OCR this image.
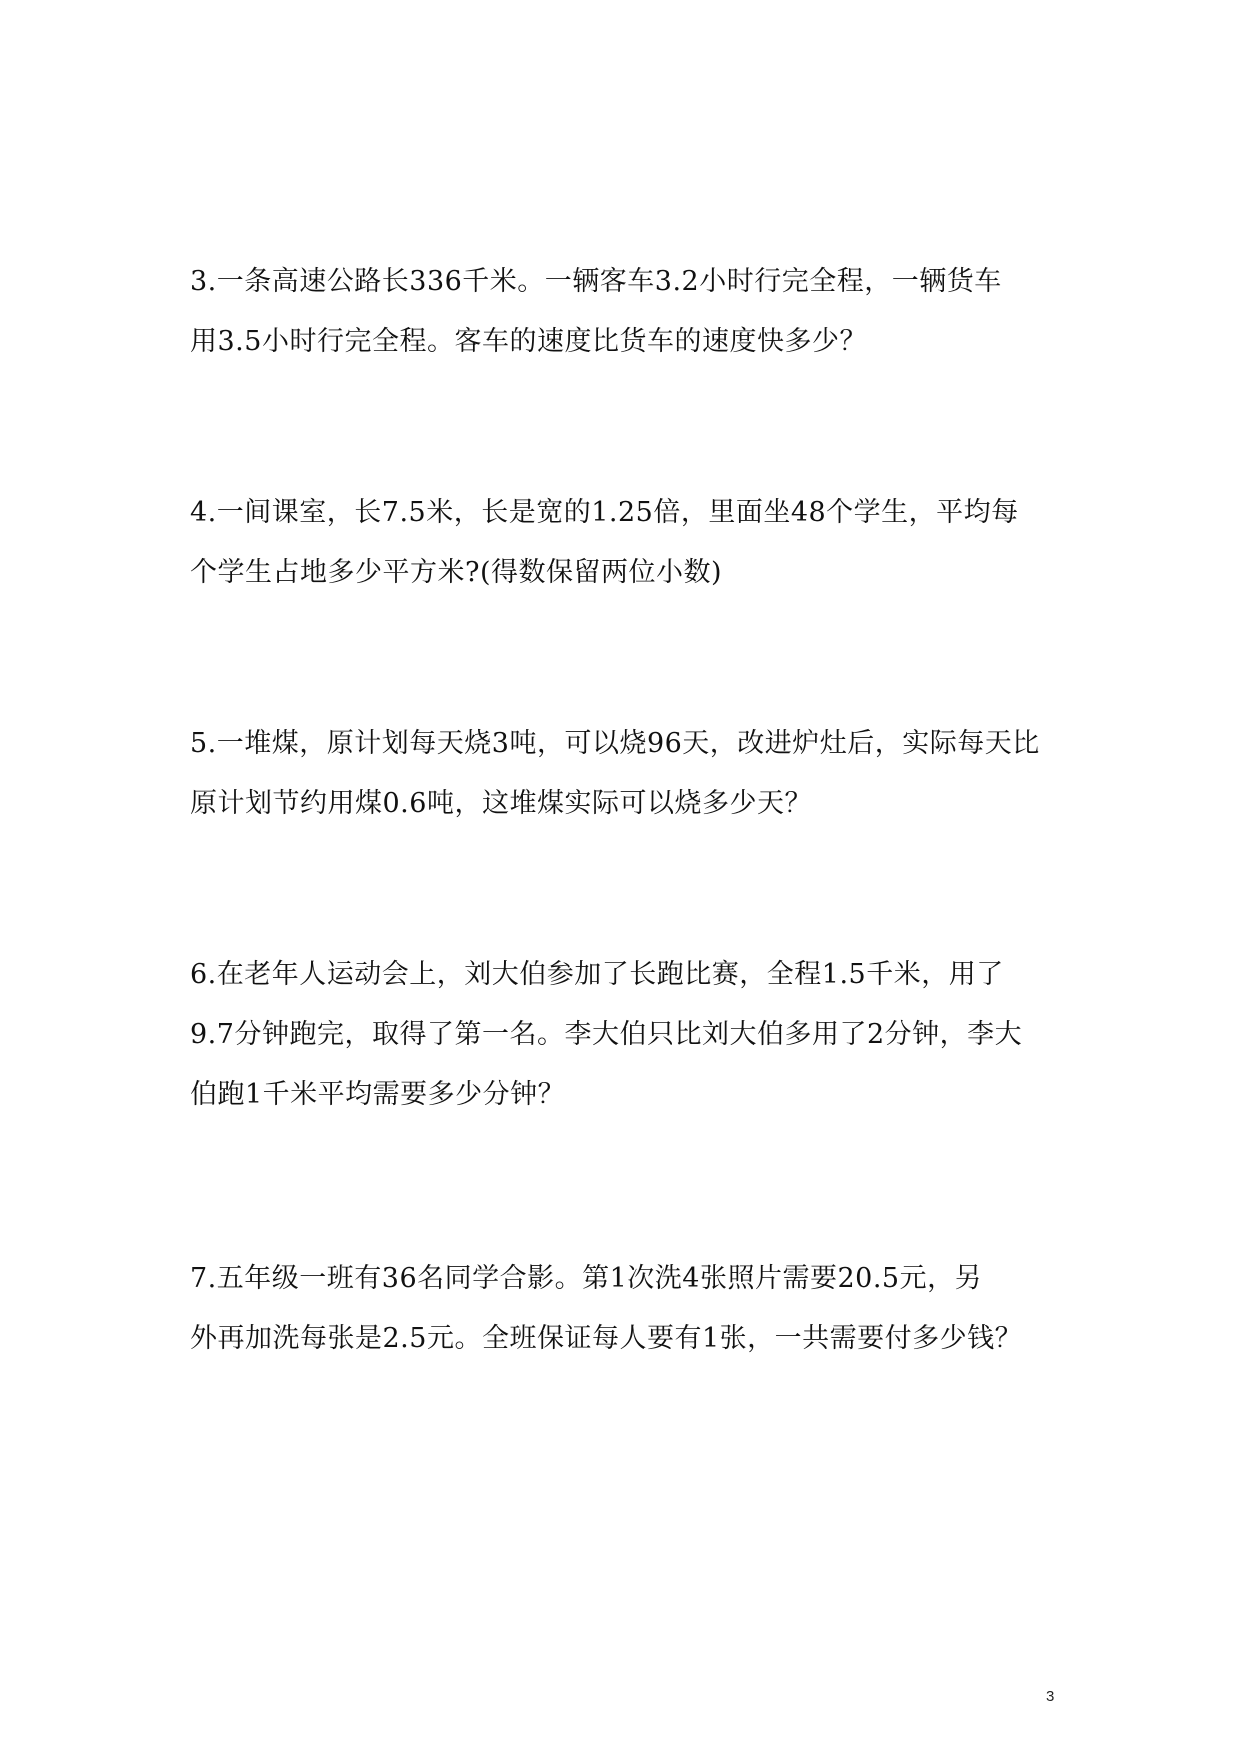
3.一条高速公路长336千米。一辆客车3.2小时行完全程，一辆货车
用3.5小时行完全程。客车的速度比货车的速度快多少？
4.一间课室，长7.5米，长是宽的1.25倍，里面坐48个学生，平均每
个学生占地多少平方米?(得数保留两位小数)
5.一堆煤，原计划每天烧3吨，可以烧96天，改进炉灶后，实际每天比
原计划节约用煤0.6吨，这堆煤实际可以烧多少天？
6.在老年人运动会上，刘大伯参加了长跑比赛，全程1.5千米，用了
9.7分钟跑完，取得了第一名。李大伯只比刘大伯多用了2分钟，李大
伯跑1千米平均需要多少分钟？
7.五年级一班有36名同学合影。第1次洗4张照片需要20.5元，另
外再加洗每张是2.5元。全班保证每人要有1张，一共需要付多少钱？
3
